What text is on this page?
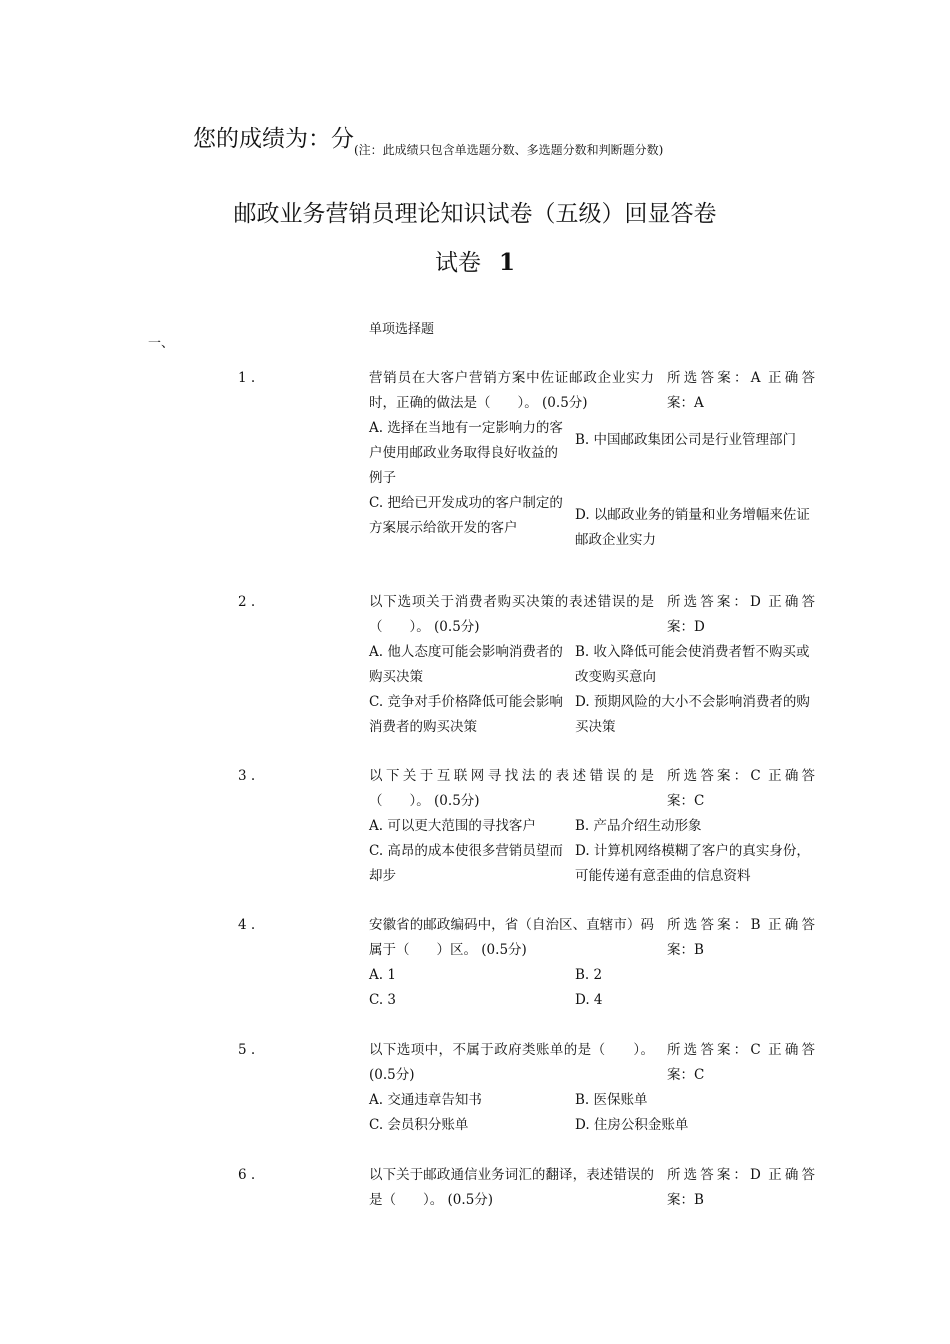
您的成绩为：分$_{(注:此成绩只包含单选题分数、多选题分数和判断题分数)}$
邮政业务营销员理论知识试卷（五级）回显答卷
试卷 1
一、
单项选择题
1 .	营销员在大客户营销方案中佐证邮政企业实力时，正确的做法是（　　）。 (0.5分)
所选答案：A 正确答案：A
A. 选择在当地有一定影响力的客户使用邮政业务取得良好收益的例子
B. 中国邮政集团公司是行业管理部门
C. 把给已开发成功的客户制定的方案展示给欲开发的客户
D. 以邮政业务的销量和业务增幅来佐证邮政企业实力
2 .	以下选项关于消费者购买决策的表述错误的是（　　）。 (0.5分)
所选答案：D 正确答案：D
A. 他人态度可能会影响消费者的购买决策
B. 收入降低可能会使消费者暂不购买或改变购买意向
C. 竞争对手价格降低可能会影响消费者的购买决策
D. 预期风险的大小不会影响消费者的购买决策
3 .	以下关于互联网寻找法的表述错误的是（　　）。 (0.5分)
所选答案：C 正确答案：C
A. 可以更大范围的寻找客户	B. 产品介绍生动形象
C. 高昂的成本使很多营销员望而却步
D. 计算机网络模糊了客户的真实身份，可能传递有意歪曲的信息资料
4 .	安徽省的邮政编码中，省（自治区、直辖市）码属于（　　）区。 (0.5分)
所选答案：B 正确答案：B
A. 1	B. 2
C. 3	D. 4
5 .	以下选项中，不属于政府类账单的是（　　）。 (0.5分)
所选答案：C 正确答案：C
A. 交通违章告知书	B. 医保账单
C. 会员积分账单	D. 住房公积金账单
6 .	以下关于邮政通信业务词汇的翻译，表述错误的是（　　）。 (0.5分)
所选答案：D 正确答案：B
